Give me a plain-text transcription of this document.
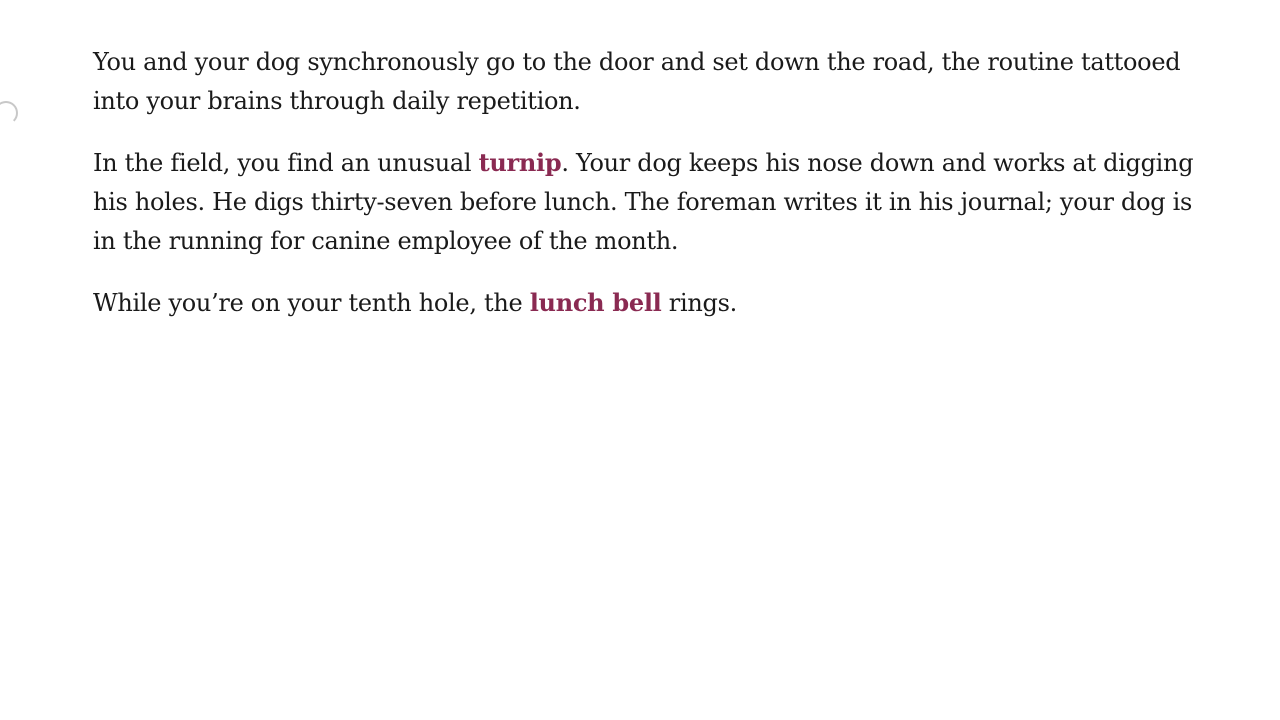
You and your dog synchronously go to the door and set down the road, the routine tattooed into your brains through daily repetition.

In the field, you find an unusual turnip. Your dog keeps his nose down and works at digging his holes. He digs thirty-seven before lunch. The foreman writes it in his journal; your dog is in the running for canine employee of the month.

While you’re on your tenth hole, the lunch bell rings.
